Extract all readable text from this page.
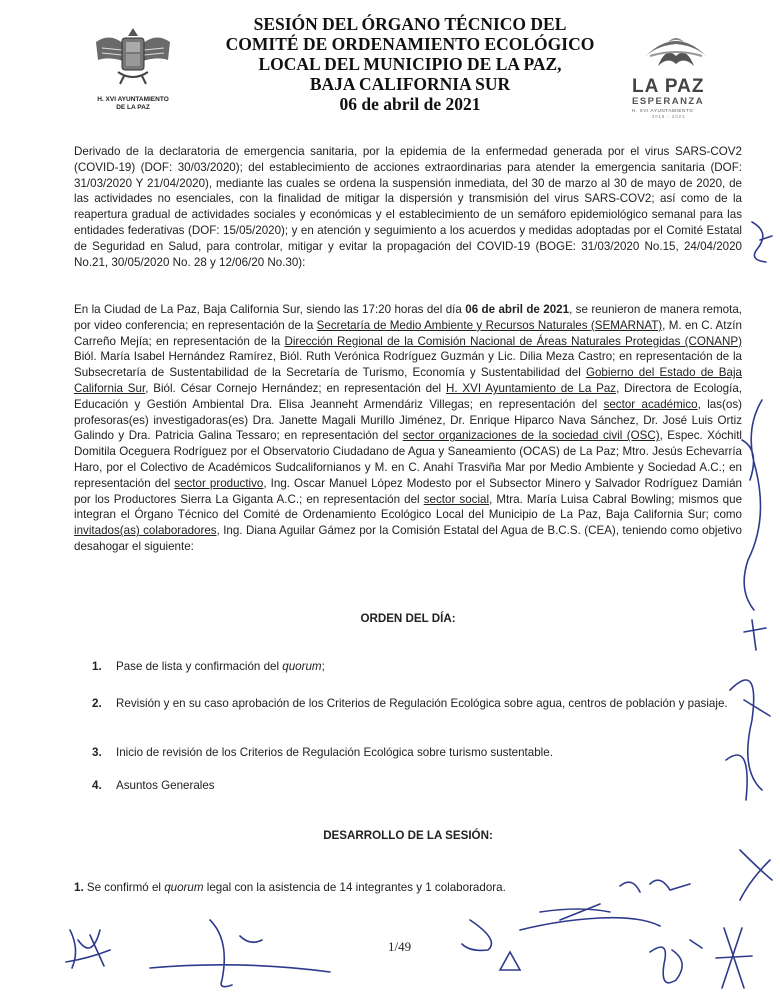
H. XVI AYUNTAMIENTO
DE LA PAZ
SESIÓN DEL ÓRGANO TÉCNICO DEL
COMITÉ DE ORDENAMIENTO ECOLÓGICO
LOCAL DEL MUNICIPIO DE LA PAZ,
BAJA CALIFORNIA SUR
06 de abril de 2021
LA PAZ
ESPERANZA
H. XVI AYUNTAMIENTO
2018 - 2021

Derivado de la declaratoria de emergencia sanitaria, por la epidemia de la enfermedad generada por el virus SARS-COV2 (COVID-19) (DOF: 30/03/2020); del establecimiento de acciones extraordinarias para atender la emergencia sanitaria (DOF: 31/03/2020 Y 21/04/2020), mediante las cuales se ordena la suspensión inmediata, del 30 de marzo al 30 de mayo de 2020, de las actividades no esenciales, con la finalidad de mitigar la dispersión y transmisión del virus SARS-COV2; así como de la reapertura gradual de actividades sociales y económicas y el establecimiento de un semáforo epidemiológico semanal para las entidades federativas (DOF: 15/05/2020); y en atención y seguimiento a los acuerdos y medidas adoptadas por el Comité Estatal de Seguridad en Salud, para controlar, mitigar y evitar la propagación del COVID-19 (BOGE: 31/03/2020 No.15, 24/04/2020 No.21, 30/05/2020 No. 28 y 12/06/20 No.30):

En la Ciudad de La Paz, Baja California Sur, siendo las 17:20 horas del día 06 de abril de 2021, se reunieron de manera remota, por video conferencia; en representación de la Secretaría de Medio Ambiente y Recursos Naturales (SEMARNAT), M. en C. Atzín Carreño Mejía; en representación de la Dirección Regional de la Comisión Nacional de Áreas Naturales Protegidas (CONANP) Biól. María Isabel Hernández Ramírez, Biól. Ruth Verónica Rodríguez Guzmán y Lic. Dilia Meza Castro; en representación de la Subsecretaría de Sustentabilidad de la Secretaría de Turismo, Economía y Sustentabilidad del Gobierno del Estado de Baja California Sur, Biól. César Cornejo Hernández; en representación del H. XVI Ayuntamiento de La Paz, Directora de Ecología, Educación y Gestión Ambiental Dra. Elisa Jeanneht Armendáriz Villegas; en representación del sector académico, las(os) profesoras(es) investigadoras(es) Dra. Janette Magali Murillo Jiménez, Dr. Enrique Hiparco Nava Sánchez, Dr. José Luis Ortiz Galindo y Dra. Patricia Galina Tessaro; en representación del sector organizaciones de la sociedad civil (OSC), Espec. Xóchitl Domitila Oceguera Rodríguez por el Observatorio Ciudadano de Agua y Saneamiento (OCAS) de La Paz; Mtro. Jesús Echevarría Haro, por el Colectivo de Académicos Sudcalifornianos y M. en C. Anahí Trasviña Mar por Medio Ambiente y Sociedad A.C.; en representación del sector productivo, Ing. Oscar Manuel López Modesto por el Subsector Minero y Salvador Rodríguez Damián por los Productores Sierra La Giganta A.C.; en representación del sector social, Mtra. María Luisa Cabral Bowling; mismos que integran el Órgano Técnico del Comité de Ordenamiento Ecológico Local del Municipio de La Paz, Baja California Sur; como invitados(as) colaboradores, Ing. Diana Aguilar Gámez por la Comisión Estatal del Agua de B.C.S. (CEA), teniendo como objetivo desahogar el siguiente:

ORDEN DEL DÍA:
1. Pase de lista y confirmación del quorum;
2. Revisión y en su caso aprobación de los Criterios de Regulación Ecológica sobre agua, centros de población y pasiaje.
3. Inicio de revisión de los Criterios de Regulación Ecológica sobre turismo sustentable.
4. Asuntos Generales
DESARROLLO DE LA SESIÓN:
1. Se confirmó el quorum legal con la asistencia de 14 integrantes y 1 colaboradora.
1/49
